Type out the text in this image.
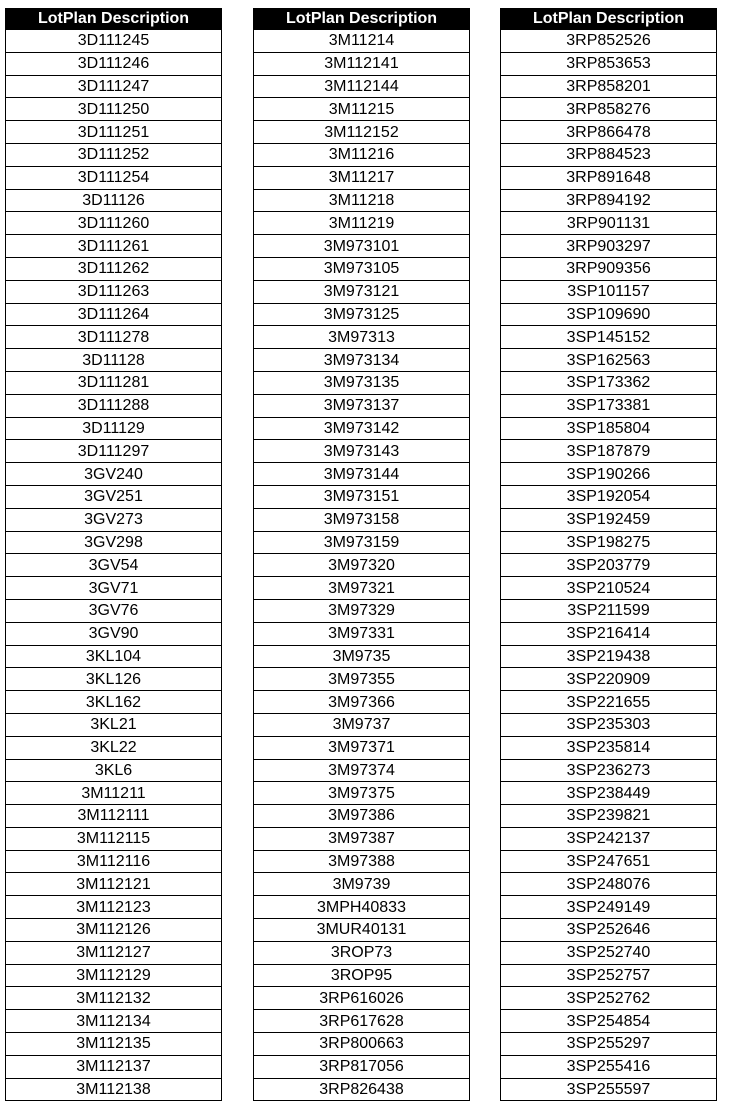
LotPlan Description
3D111245
3D111246
3D111247
3D111250
3D111251
3D111252
3D111254
3D11126
3D111260
3D111261
3D111262
3D111263
3D111264
3D111278
3D11128
3D111281
3D111288
3D11129
3D111297
3GV240
3GV251
3GV273
3GV298
3GV54
3GV71
3GV76
3GV90
3KL104
3KL126
3KL162
3KL21
3KL22
3KL6
3M11211
3M112111
3M112115
3M112116
3M112121
3M112123
3M112126
3M112127
3M112129
3M112132
3M112134
3M112135
3M112137
3M112138
LotPlan Description
3M11214
3M112141
3M112144
3M11215
3M112152
3M11216
3M11217
3M11218
3M11219
3M973101
3M973105
3M973121
3M973125
3M97313
3M973134
3M973135
3M973137
3M973142
3M973143
3M973144
3M973151
3M973158
3M973159
3M97320
3M97321
3M97329
3M97331
3M9735
3M97355
3M97366
3M9737
3M97371
3M97374
3M97375
3M97386
3M97387
3M97388
3M9739
3MPH40833
3MUR40131
3ROP73
3ROP95
3RP616026
3RP617628
3RP800663
3RP817056
3RP826438
LotPlan Description
3RP852526
3RP853653
3RP858201
3RP858276
3RP866478
3RP884523
3RP891648
3RP894192
3RP901131
3RP903297
3RP909356
3SP101157
3SP109690
3SP145152
3SP162563
3SP173362
3SP173381
3SP185804
3SP187879
3SP190266
3SP192054
3SP192459
3SP198275
3SP203779
3SP210524
3SP211599
3SP216414
3SP219438
3SP220909
3SP221655
3SP235303
3SP235814
3SP236273
3SP238449
3SP239821
3SP242137
3SP247651
3SP248076
3SP249149
3SP252646
3SP252740
3SP252757
3SP252762
3SP254854
3SP255297
3SP255416
3SP255597
